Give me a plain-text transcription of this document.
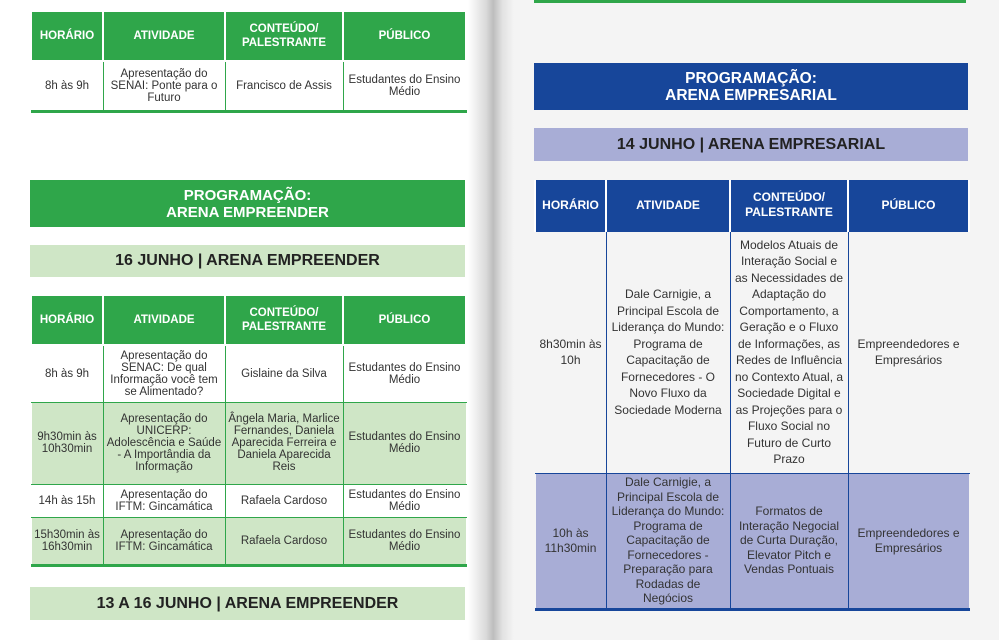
HORÁRIO	ATIVIDADE	CONTEÚDO/ PALESTRANTE	PÚBLICO
8h às 9h	Apresentação do SENAI: Ponte para o Futuro	Francisco de Assis	Estudantes do Ensino Médio
PROGRAMAÇÃO:
ARENA EMPREENDER
16 JUNHO | ARENA EMPREENDER
HORÁRIO	ATIVIDADE	CONTEÚDO/ PALESTRANTE	PÚBLICO
8h às 9h	Apresentação do SENAC: De qual Informação você tem se Alimentado?	Gislaine da Silva	Estudantes do Ensino Médio
9h30min às 10h30min	Apresentação do UNICERP: Adolescência e Saúde - A Importândia da Informação	Ângela Maria, Marlice Fernandes, Daniela Aparecida Ferreira e Daniela Aparecida Reis	Estudantes do Ensino Médio
14h às 15h	Apresentação do IFTM: Gincamática	Rafaela Cardoso	Estudantes do Ensino Médio
15h30min às 16h30min	Apresentação do IFTM: Gincamática	Rafaela Cardoso	Estudantes do Ensino Médio
13 A 16 JUNHO | ARENA EMPREENDER
PROGRAMAÇÃO:
ARENA EMPRESARIAL
14 JUNHO | ARENA EMPRESARIAL
HORÁRIO	ATIVIDADE	CONTEÚDO/ PALESTRANTE	PÚBLICO
8h30min às 10h	Dale Carnigie, a Principal Escola de Liderança do Mundo: Programa de Capacitação de Fornecedores - O Novo Fluxo da Sociedade Moderna	Modelos Atuais de Interação Social e as Necessidades de Adaptação do Comportamento, a Geração e o Fluxo de Informações, as Redes de Influência no Contexto Atual, a Sociedade Digital e as Projeções para o Fluxo Social no Futuro de Curto Prazo	Empreendedores e Empresários
10h às 11h30min	Dale Carnigie, a Principal Escola de Liderança do Mundo: Programa de Capacitação de Fornecedores - Preparação para Rodadas de Negócios	Formatos de Interação Negocial de Curta Duração, Elevator Pitch e Vendas Pontuais	Empreendedores e Empresários
